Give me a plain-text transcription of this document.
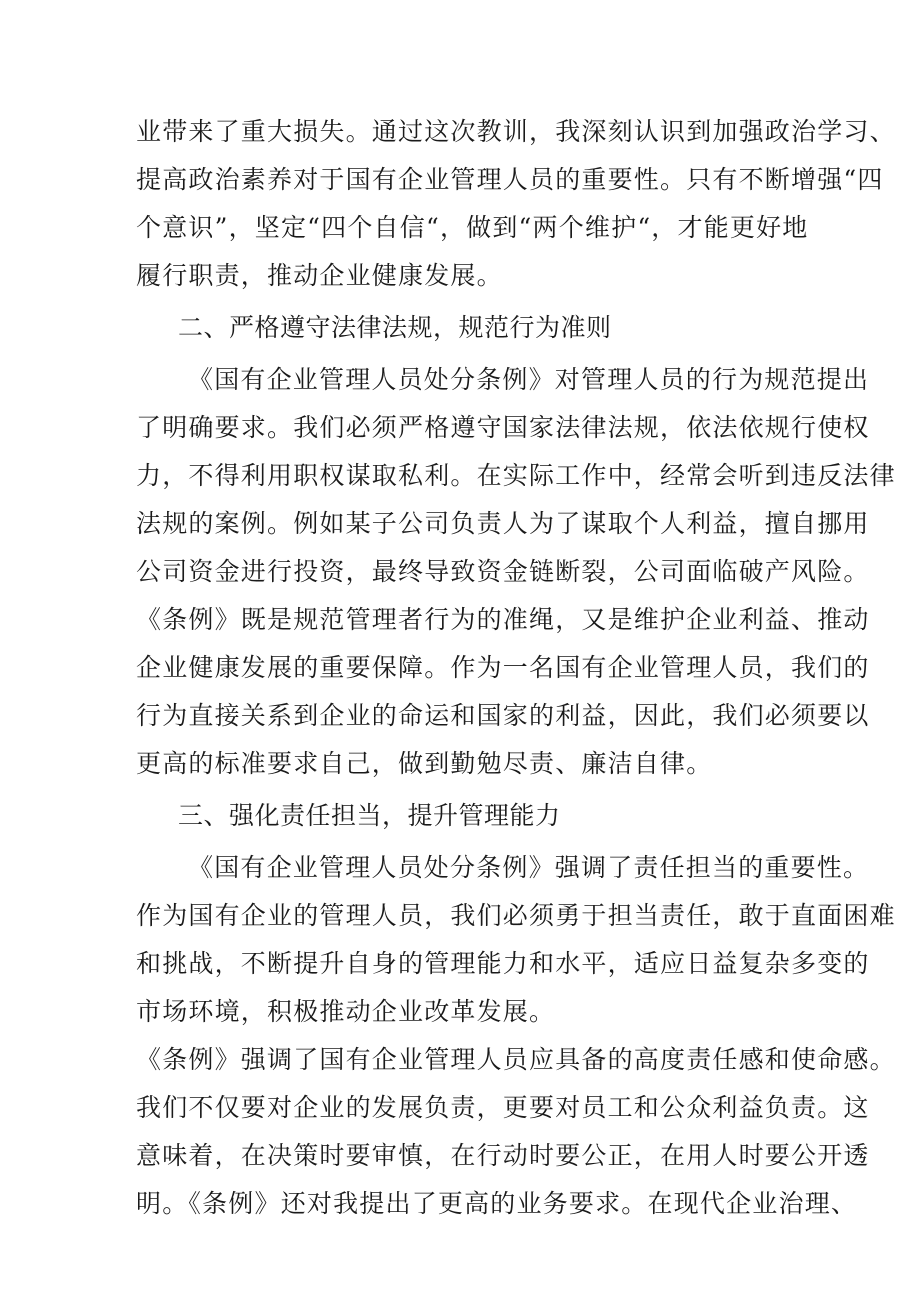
业带来了重大损失。通过这次教训，我深刻认识到加强政治学习、
提高政治素养对于国有企业管理人员的重要性。只有不断增强“四
个意识”，坚定“四个自信“，做到“两个维护“，才能更好地
履行职责，推动企业健康发展。
二、严格遵守法律法规，规范行为准则
《国有企业管理人员处分条例》对管理人员的行为规范提出
了明确要求。我们必须严格遵守国家法律法规，依法依规行使权
力，不得利用职权谋取私利。在实际工作中，经常会听到违反法律
法规的案例。例如某子公司负责人为了谋取个人利益，擅自挪用
公司资金进行投资，最终导致资金链断裂，公司面临破产风险。
《条例》既是规范管理者行为的准绳，又是维护企业利益、推动
企业健康发展的重要保障。作为一名国有企业管理人员，我们的
行为直接关系到企业的命运和国家的利益，因此，我们必须要以
更高的标准要求自己，做到勤勉尽责、廉洁自律。
三、强化责任担当，提升管理能力
《国有企业管理人员处分条例》强调了责任担当的重要性。
作为国有企业的管理人员，我们必须勇于担当责任，敢于直面困难
和挑战，不断提升自身的管理能力和水平，适应日益复杂多变的
市场环境，积极推动企业改革发展。
《条例》强调了国有企业管理人员应具备的高度责任感和使命感。
我们不仅要对企业的发展负责，更要对员工和公众利益负责。这
意味着，在决策时要审慎，在行动时要公正，在用人时要公开透
明。《条例》还对我提出了更高的业务要求。在现代企业治理、
